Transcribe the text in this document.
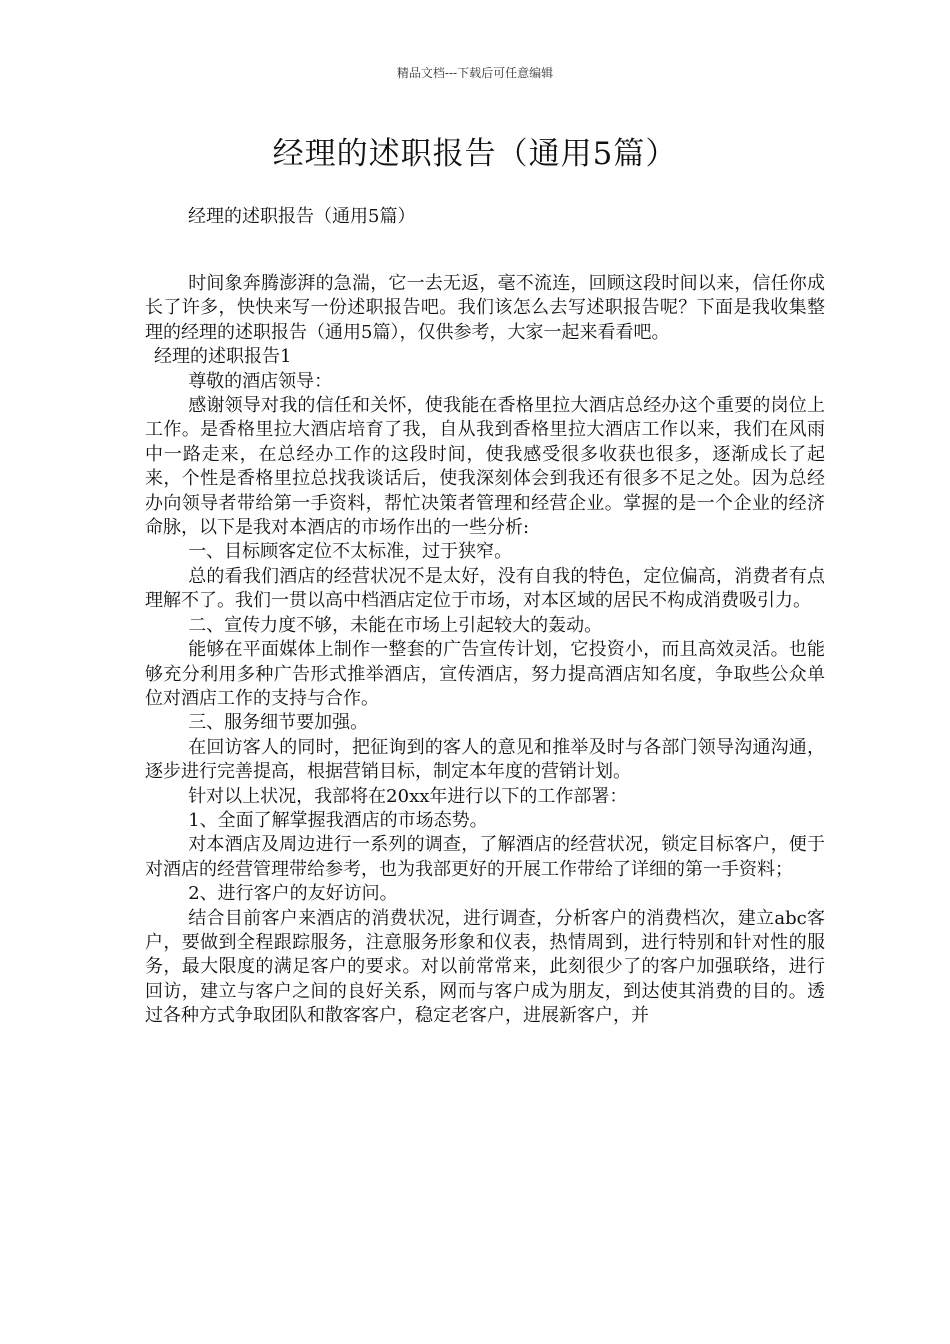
精品文档---下载后可任意编辑
经理的述职报告（通用5篇）
经理的述职报告（通用5篇）

时间象奔腾澎湃的急湍，它一去无返，毫不流连，回顾这段时间以来，信任你成长了许多，快快来写一份述职报告吧。我们该怎么去写述职报告呢？下面是我收集整理的经理的述职报告（通用5篇），仅供参考，大家一起来看看吧。

经理的述职报告1

尊敬的酒店领导：

感谢领导对我的信任和关怀，使我能在香格里拉大酒店总经办这个重要的岗位上工作。是香格里拉大酒店培育了我，自从我到香格里拉大酒店工作以来，我们在风雨中一路走来，在总经办工作的这段时间，使我感受很多收获也很多，逐渐成长了起来，个性是香格里拉总找我谈话后，使我深刻体会到我还有很多不足之处。因为总经办向领导者带给第一手资料，帮忙决策者管理和经营企业。掌握的是一个企业的经济命脉，以下是我对本酒店的市场作出的一些分析:

一、目标顾客定位不太标准，过于狭窄。

总的看我们酒店的经营状况不是太好，没有自我的特色，定位偏高，消费者有点理解不了。我们一贯以高中档酒店定位于市场，对本区域的居民不构成消费吸引力。

二、宣传力度不够，未能在市场上引起较大的轰动。

能够在平面媒体上制作一整套的广告宣传计划，它投资小，而且高效灵活。也能够充分利用多种广告形式推举酒店，宣传酒店，努力提高酒店知名度，争取些公众单位对酒店工作的支持与合作。

三、服务细节要加强。

在回访客人的同时，把征询到的客人的意见和推举及时与各部门领导沟通沟通，逐步进行完善提高，根据营销目标，制定本年度的营销计划。

针对以上状况，我部将在20xx年进行以下的工作部署：

1、全面了解掌握我酒店的市场态势。

对本酒店及周边进行一系列的调查，了解酒店的经营状况，锁定目标客户，便于对酒店的经营管理带给参考，也为我部更好的开展工作带给了详细的第一手资料；

2、进行客户的友好访问。

结合目前客户来酒店的消费状况，进行调查，分析客户的消费档次，建立abc客户，要做到全程跟踪服务，注意服务形象和仪表，热情周到，进行特别和针对性的服务，最大限度的满足客户的要求。对以前常常来，此刻很少了的客户加强联络，进行回访，建立与客户之间的良好关系，网而与客户成为朋友，到达使其消费的目的。透过各种方式争取团队和散客客户，稳定老客户，进展新客户，并
